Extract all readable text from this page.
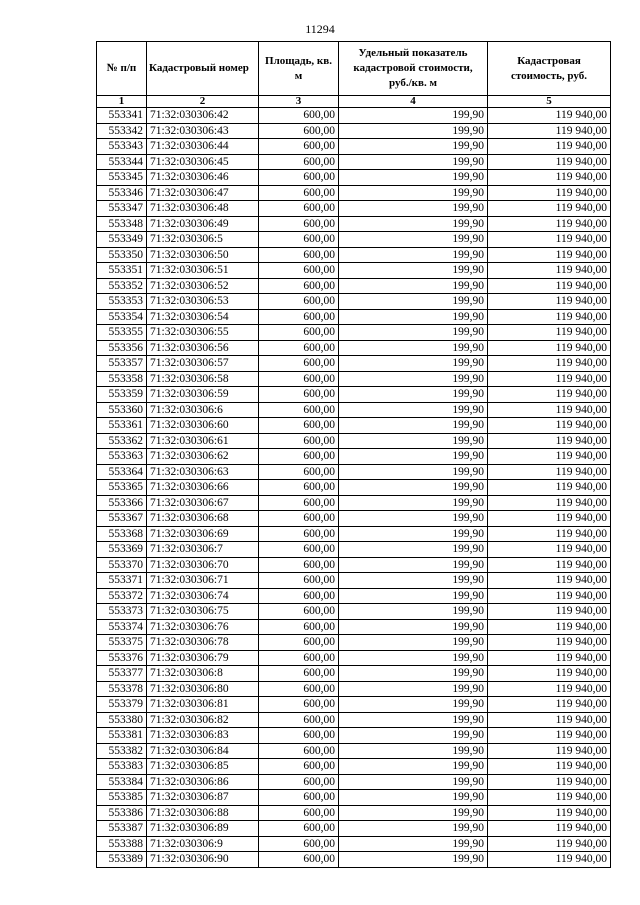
11294
№ п/п	Кадастровый номер	Площадь, кв. м	Удельный показатель кадастровой стоимости, руб./кв. м	Кадастровая стоимость, руб.
1	2	3	4	5
553341	71:32:030306:42	600,00	199,90	119 940,00
553342	71:32:030306:43	600,00	199,90	119 940,00
553343	71:32:030306:44	600,00	199,90	119 940,00
553344	71:32:030306:45	600,00	199,90	119 940,00
553345	71:32:030306:46	600,00	199,90	119 940,00
553346	71:32:030306:47	600,00	199,90	119 940,00
553347	71:32:030306:48	600,00	199,90	119 940,00
553348	71:32:030306:49	600,00	199,90	119 940,00
553349	71:32:030306:5	600,00	199,90	119 940,00
553350	71:32:030306:50	600,00	199,90	119 940,00
553351	71:32:030306:51	600,00	199,90	119 940,00
553352	71:32:030306:52	600,00	199,90	119 940,00
553353	71:32:030306:53	600,00	199,90	119 940,00
553354	71:32:030306:54	600,00	199,90	119 940,00
553355	71:32:030306:55	600,00	199,90	119 940,00
553356	71:32:030306:56	600,00	199,90	119 940,00
553357	71:32:030306:57	600,00	199,90	119 940,00
553358	71:32:030306:58	600,00	199,90	119 940,00
553359	71:32:030306:59	600,00	199,90	119 940,00
553360	71:32:030306:6	600,00	199,90	119 940,00
553361	71:32:030306:60	600,00	199,90	119 940,00
553362	71:32:030306:61	600,00	199,90	119 940,00
553363	71:32:030306:62	600,00	199,90	119 940,00
553364	71:32:030306:63	600,00	199,90	119 940,00
553365	71:32:030306:66	600,00	199,90	119 940,00
553366	71:32:030306:67	600,00	199,90	119 940,00
553367	71:32:030306:68	600,00	199,90	119 940,00
553368	71:32:030306:69	600,00	199,90	119 940,00
553369	71:32:030306:7	600,00	199,90	119 940,00
553370	71:32:030306:70	600,00	199,90	119 940,00
553371	71:32:030306:71	600,00	199,90	119 940,00
553372	71:32:030306:74	600,00	199,90	119 940,00
553373	71:32:030306:75	600,00	199,90	119 940,00
553374	71:32:030306:76	600,00	199,90	119 940,00
553375	71:32:030306:78	600,00	199,90	119 940,00
553376	71:32:030306:79	600,00	199,90	119 940,00
553377	71:32:030306:8	600,00	199,90	119 940,00
553378	71:32:030306:80	600,00	199,90	119 940,00
553379	71:32:030306:81	600,00	199,90	119 940,00
553380	71:32:030306:82	600,00	199,90	119 940,00
553381	71:32:030306:83	600,00	199,90	119 940,00
553382	71:32:030306:84	600,00	199,90	119 940,00
553383	71:32:030306:85	600,00	199,90	119 940,00
553384	71:32:030306:86	600,00	199,90	119 940,00
553385	71:32:030306:87	600,00	199,90	119 940,00
553386	71:32:030306:88	600,00	199,90	119 940,00
553387	71:32:030306:89	600,00	199,90	119 940,00
553388	71:32:030306:9	600,00	199,90	119 940,00
553389	71:32:030306:90	600,00	199,90	119 940,00
